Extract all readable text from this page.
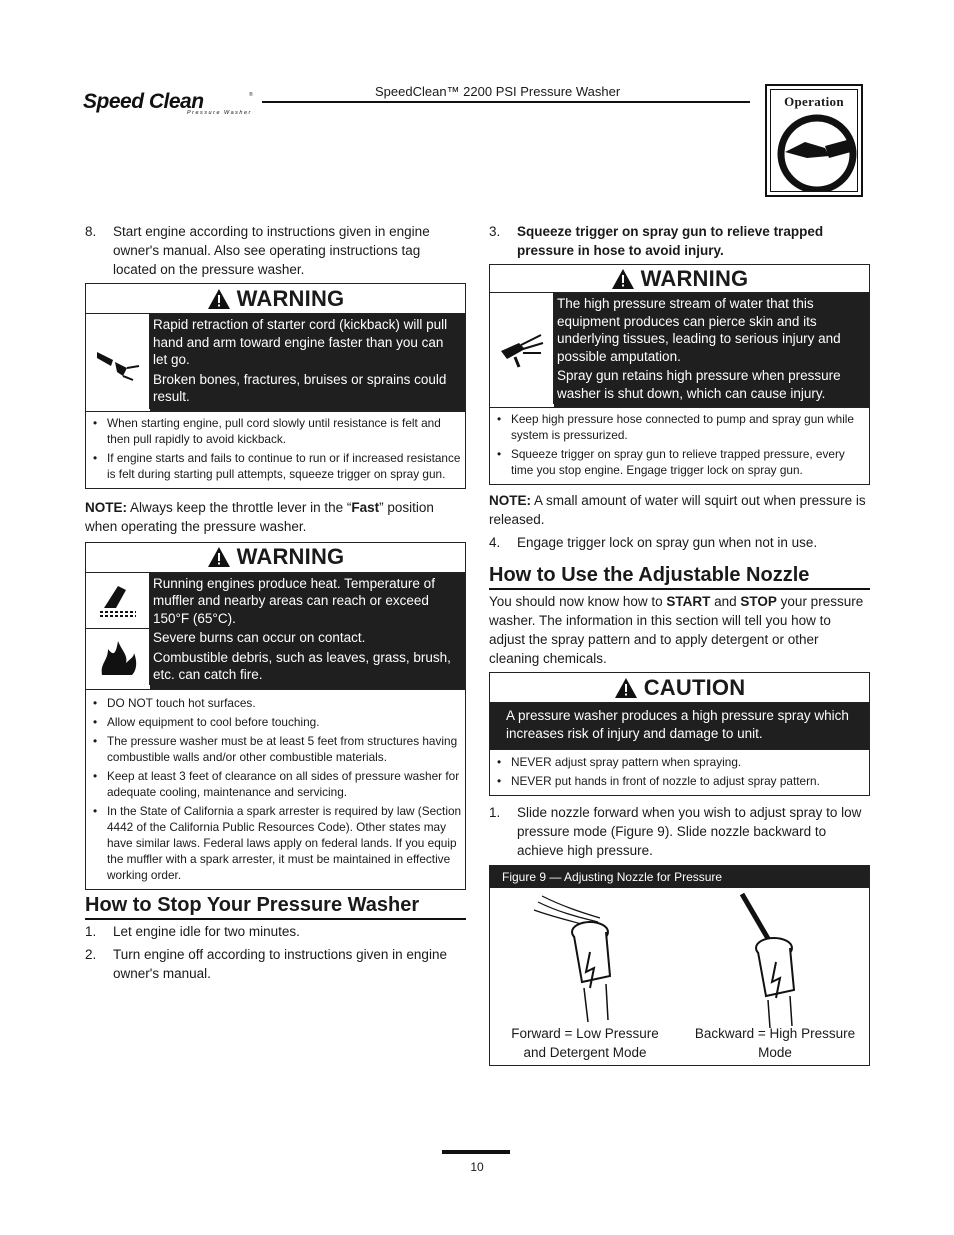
Speed Clean
Pressure Washer
®	SpeedClean™ 2200 PSI Pressure Washer
Operation

8.	Start engine according to instructions given in engine owner's manual. Also see operating instructions tag located on the pressure washer.

WARNING

Rapid retraction of starter cord (kickback) will pull hand and arm toward engine faster than you can let go.

Broken bones, fractures, bruises or sprains could result.

• When starting engine, pull cord slowly until resistance is felt and then pull rapidly to avoid kickback.
• If engine starts and fails to continue to run or if increased resistance is felt during starting pull attempts, squeeze trigger on spray gun.

NOTE: Always keep the throttle lever in the “Fast” position when operating the pressure washer.

WARNING

Running engines produce heat. Temperature of muffler and nearby areas can reach or exceed 150°F (65°C).

Severe burns can occur on contact.

Combustible debris, such as leaves, grass, brush, etc. can catch fire.

• DO NOT touch hot surfaces.
• Allow equipment to cool before touching.
• The pressure washer must be at least 5 feet from structures having combustible walls and/or other combustible materials.
• Keep at least 3 feet of clearance on all sides of pressure washer for adequate cooling, maintenance and servicing.
• In the State of California a spark arrester is required by law (Section 4442 of the California Public Resources Code). Other states may have similar laws. Federal laws apply on federal lands. If you equip the muffler with a spark arrester, it must be maintained in effective working order.
How to Stop Your Pressure Washer

1.	Let engine idle for two minutes.

2.	Turn engine off according to instructions given in engine owner's manual.

3.	Squeeze trigger on spray gun to relieve trapped pressure in hose to avoid injury.

WARNING

The high pressure stream of water that this equipment produces can pierce skin and its underlying tissues, leading to serious injury and possible amputation.

Spray gun retains high pressure when pressure washer is shut down, which can cause injury.

• Keep high pressure hose connected to pump and spray gun while system is pressurized.
• Squeeze trigger on spray gun to relieve trapped pressure, every time you stop engine. Engage trigger lock on spray gun.

NOTE: A small amount of water will squirt out when pressure is released.

4.	Engage trigger lock on spray gun when not in use.

How to Use the Adjustable Nozzle

You should now know how to START and STOP your pressure washer. The information in this section will tell you how to adjust the spray pattern and to apply detergent or other cleaning chemicals.

CAUTION

A pressure washer produces a high pressure spray which increases risk of injury and damage to unit.

• NEVER adjust spray pattern when spraying.
• NEVER put hands in front of nozzle to adjust spray pattern.

1.	Slide nozzle forward when you wish to adjust spray to low pressure mode (Figure 9). Slide nozzle backward to achieve high pressure.

Figure 9 — Adjusting Nozzle for Pressure
Forward = Low Pressure and Detergent Mode
Backward = High Pressure Mode
10
